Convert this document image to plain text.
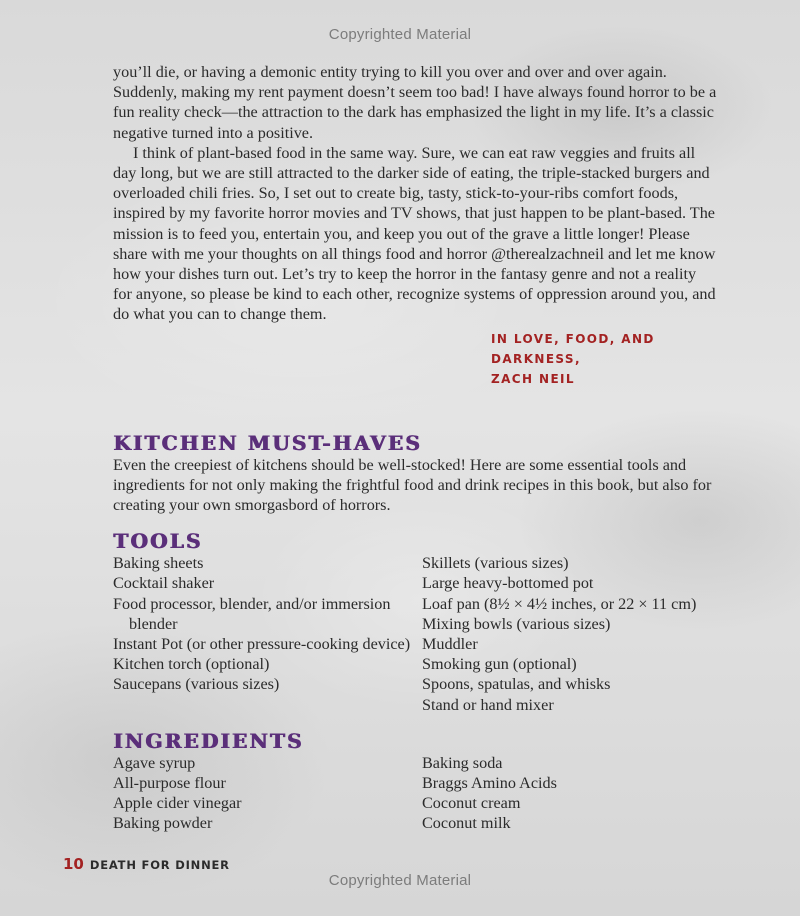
Copyrighted Material

you’ll die, or having a demonic entity trying to kill you over and over and over again. Suddenly, making my rent payment doesn’t seem too bad! I have always found horror to be a fun reality check—the attraction to the dark has emphasized the light in my life. It’s a classic negative turned into a positive.

I think of plant-based food in the same way. Sure, we can eat raw veggies and fruits all day long, but we are still attracted to the darker side of eating, the triple-stacked burgers and overloaded chili fries. So, I set out to create big, tasty, stick-to-your-ribs comfort foods, inspired by my favorite horror movies and TV shows, that just happen to be plant-based. The mission is to feed you, entertain you, and keep you out of the grave a little longer! Please share with me your thoughts on all things food and horror @therealzachneil and let me know how your dishes turn out. Let’s try to keep the horror in the fantasy genre and not a reality for anyone, so please be kind to each other, recognize systems of oppression around you, and do what you can to change them.

IN LOVE, FOOD, AND DARKNESS,
ZACH NEIL
KITCHEN MUST-HAVES

Even the creepiest of kitchens should be well-stocked! Here are some essential tools and ingredients for not only making the frightful food and drink recipes in this book, but also for creating your own smorgasbord of horrors.

TOOLS
Baking sheets
Cocktail shaker
Food processor, blender, and/or immersion blender
Instant Pot (or other pressure-cooking device)
Kitchen torch (optional)
Saucepans (various sizes)
Skillets (various sizes)
Large heavy-bottomed pot
Loaf pan (8½ × 4½ inches, or 22 × 11 cm)
Mixing bowls (various sizes)
Muddler
Smoking gun (optional)
Spoons, spatulas, and whisks
Stand or hand mixer
INGREDIENTS
Agave syrup
All-purpose flour
Apple cider vinegar
Baking powder
Baking soda
Braggs Amino Acids
Coconut cream
Coconut milk
10 DEATH FOR DINNER
Copyrighted Material
